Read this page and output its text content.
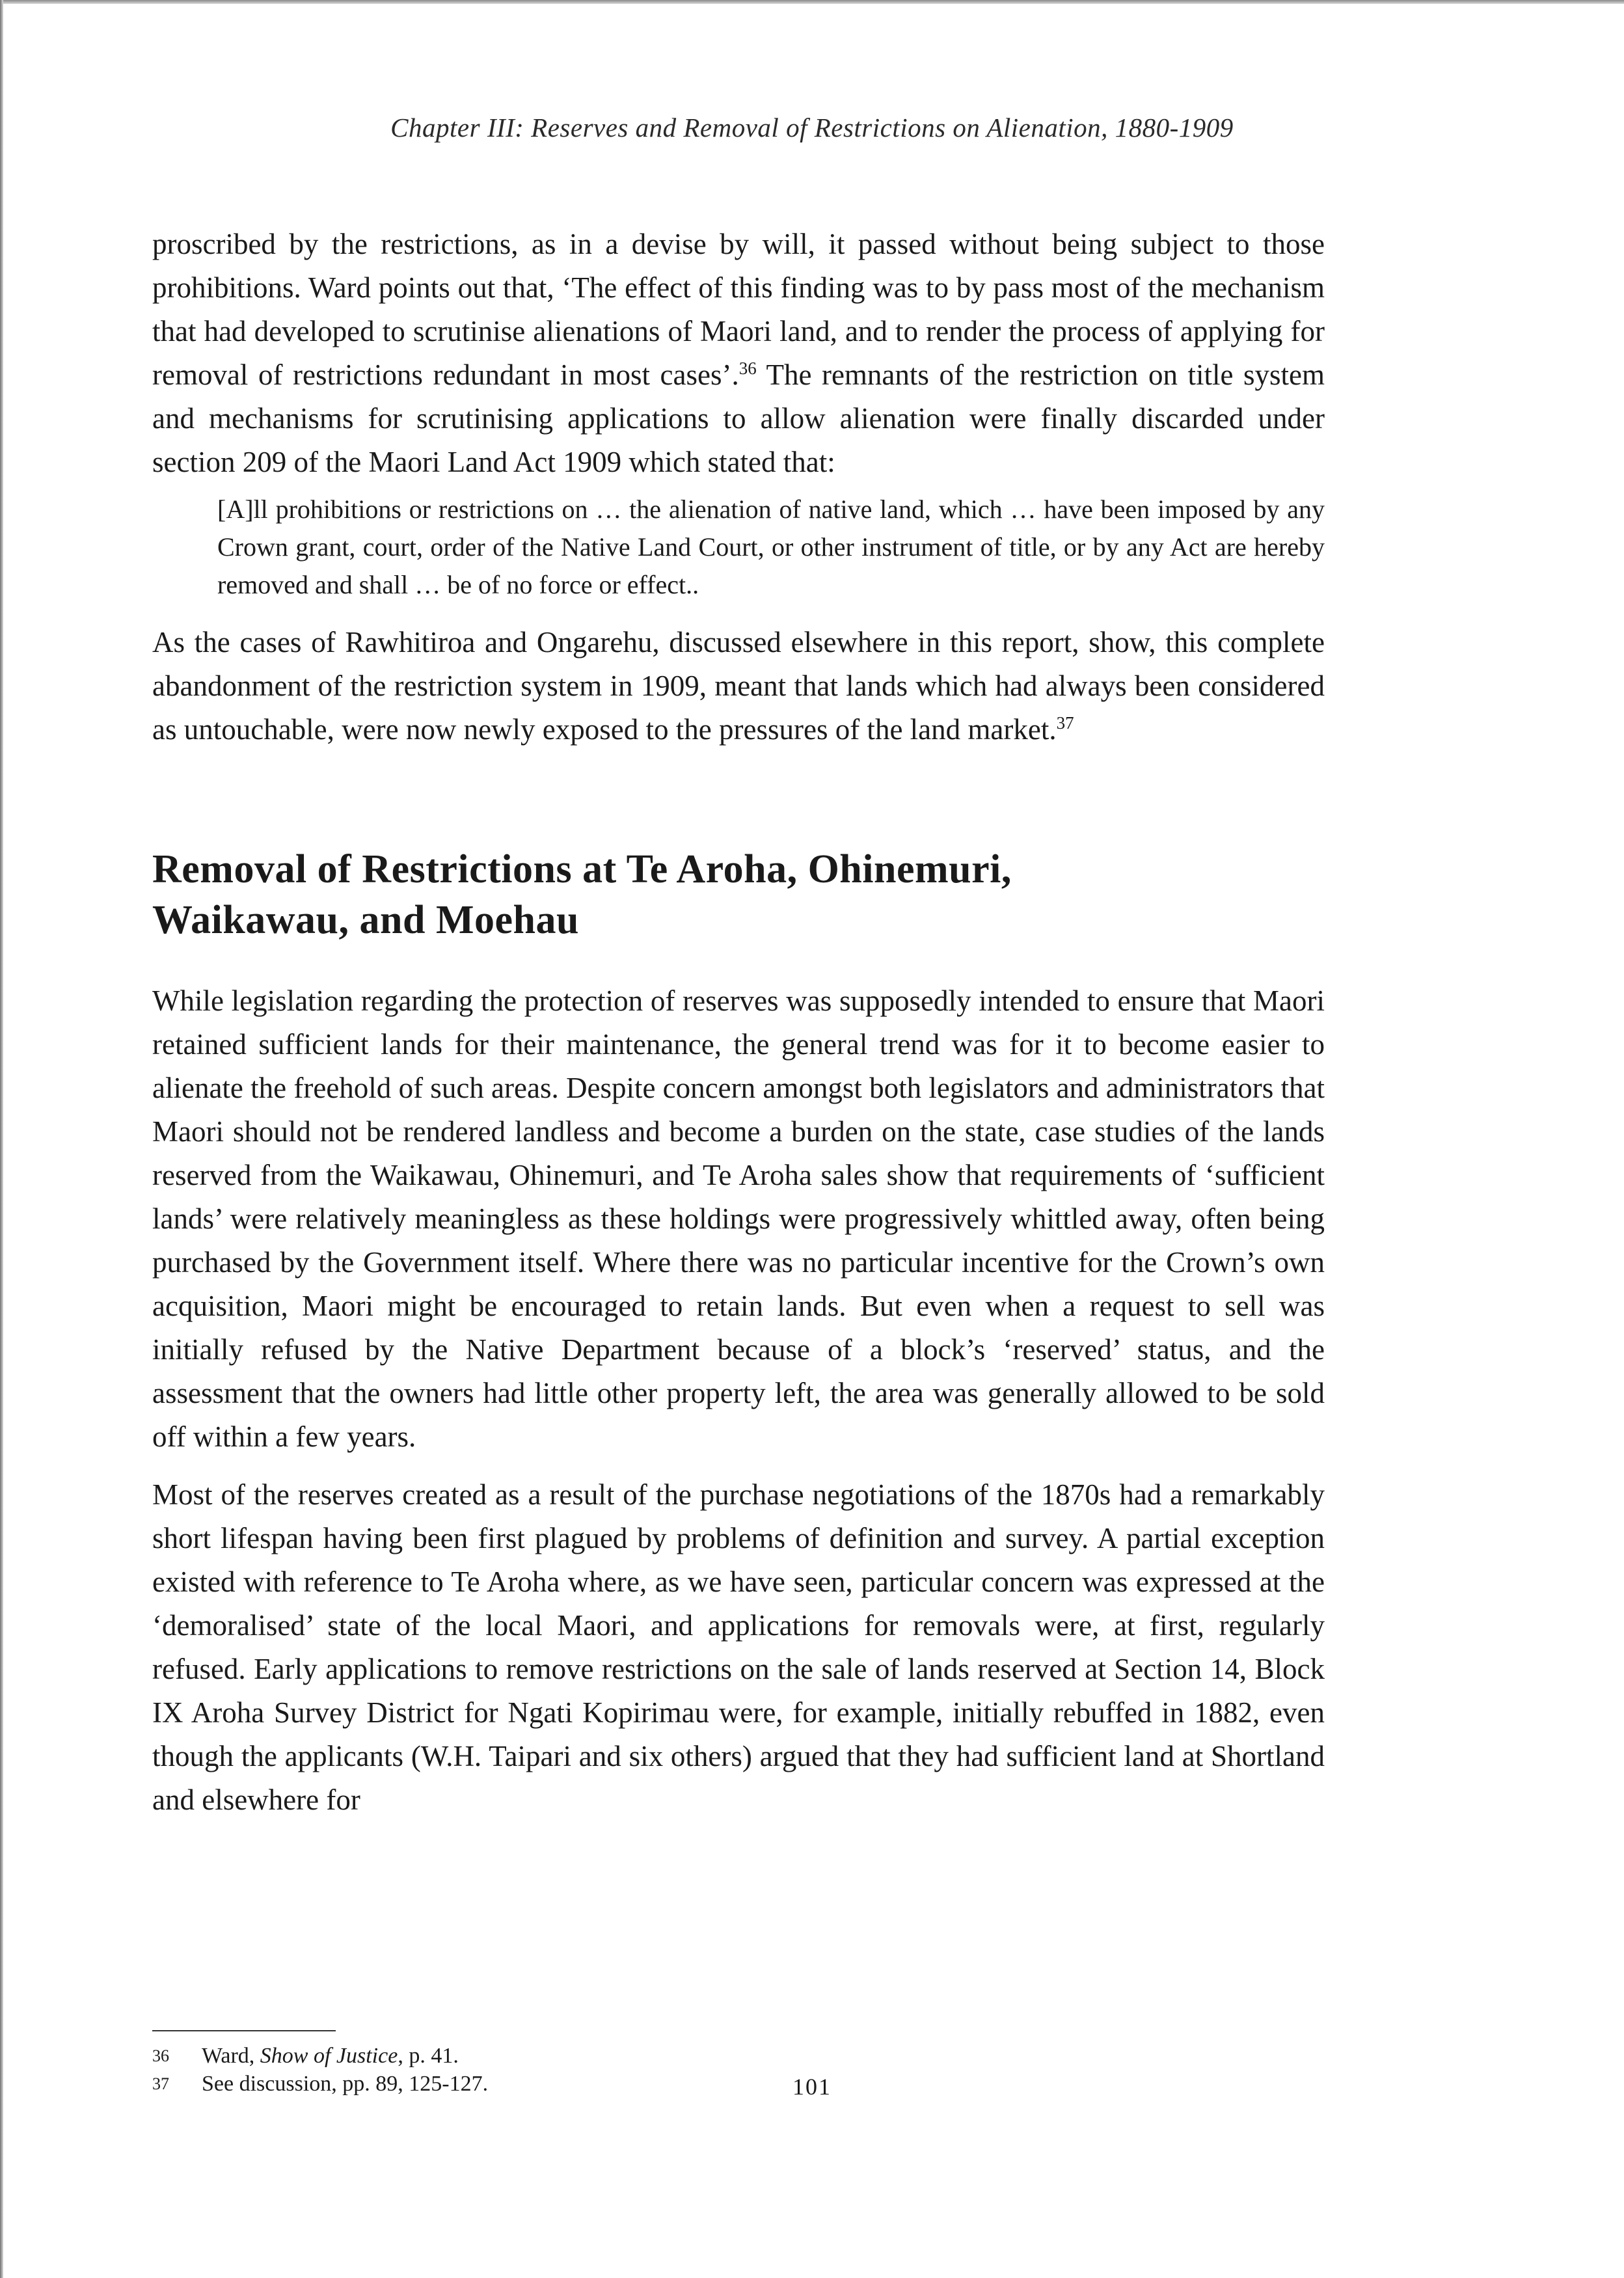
Chapter III: Reserves and Removal of Restrictions on Alienation, 1880-1909

proscribed by the restrictions, as in a devise by will, it passed without being subject to those prohibitions. Ward points out that, ‘The effect of this finding was to by pass most of the mechanism that had developed to scrutinise alienations of Maori land, and to render the process of applying for removal of restrictions redundant in most cases’.$^{36}$ The remnants of the restriction on title system and mechanisms for scrutinising applications to allow alienation were finally discarded under section 209 of the Maori Land Act 1909 which stated that:

[A]ll prohibitions or restrictions on … the alienation of native land, which … have been imposed by any Crown grant, court, order of the Native Land Court, or other instrument of title, or by any Act are hereby removed and shall … be of no force or effect..

As the cases of Rawhitiroa and Ongarehu, discussed elsewhere in this report, show, this complete abandonment of the restriction system in 1909, meant that lands which had always been considered as untouchable, were now newly exposed to the pressures of the land market.$^{37}$

Removal of Restrictions at Te Aroha, Ohinemuri, Waikawau, and Moehau

While legislation regarding the protection of reserves was supposedly intended to ensure that Maori retained sufficient lands for their maintenance, the general trend was for it to become easier to alienate the freehold of such areas. Despite concern amongst both legislators and administrators that Maori should not be rendered landless and become a burden on the state, case studies of the lands reserved from the Waikawau, Ohinemuri, and Te Aroha sales show that requirements of ‘sufficient lands’ were relatively meaningless as these holdings were progressively whittled away, often being purchased by the Government itself. Where there was no particular incentive for the Crown’s own acquisition, Maori might be encouraged to retain lands. But even when a request to sell was initially refused by the Native Department because of a block’s ‘reserved’ status, and the assessment that the owners had little other property left, the area was generally allowed to be sold off within a few years.

Most of the reserves created as a result of the purchase negotiations of the 1870s had a remarkably short lifespan having been first plagued by problems of definition and survey. A partial exception existed with reference to Te Aroha where, as we have seen, particular concern was expressed at the ‘demoralised’ state of the local Maori, and applications for removals were, at first, regularly refused. Early applications to remove restrictions on the sale of lands reserved at Section 14, Block IX Aroha Survey District for Ngati Kopirimau were, for example, initially rebuffed in 1882, even though the applicants (W.H. Taipari and six others) argued that they had sufficient land at Shortland and elsewhere for

36	Ward, Show of Justice, p. 41.
37	See discussion, pp. 89, 125-127.	101
